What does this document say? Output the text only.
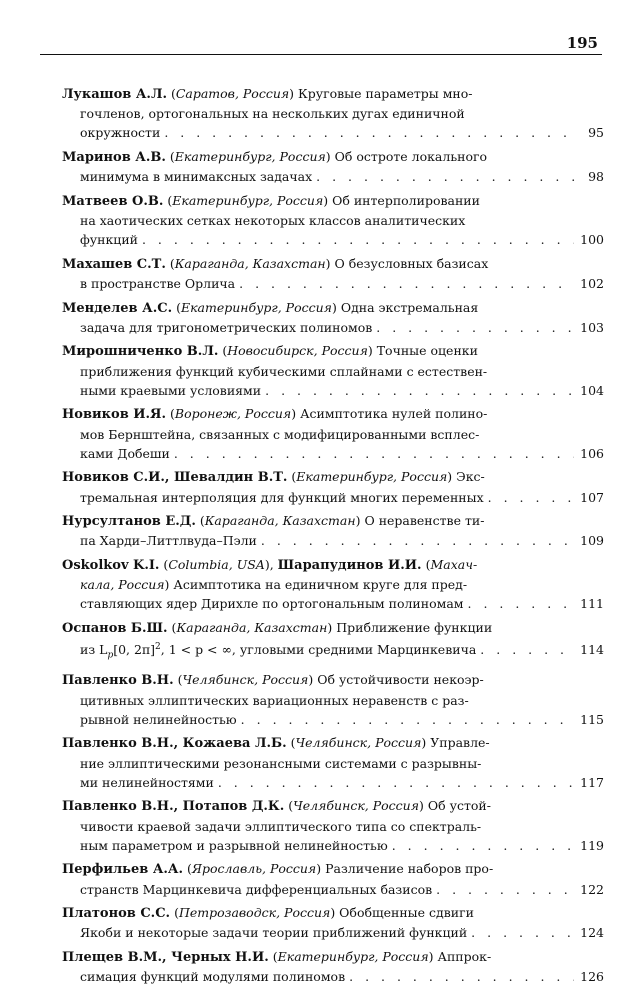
195
Лукашов А.Л. (Саратов, Россия) Круговые параметры мно-
гочленов, ортогональных на нескольких дугах единичной
окружности . . .	95
Маринов А.В. (Екатеринбург, Россия) Об остроте локального
минимума в минимаксных задачах . . .	98
Матвеев О.В. (Екатеринбург, Россия) Об интерполировании
на хаотических сетках некоторых классов аналитических
функций . . .	100
Махашев С.Т. (Караганда, Казахстан) О безусловных базисах
в пространстве Орлича . . .	102
Менделев А.С. (Екатеринбург, Россия) Одна экстремальная
задача для тригонометрических полиномов . . .	103
Мирошниченко В.Л. (Новосибирск, Россия) Точные оценки
приближения функций кубическими сплайнами с естествен-
ными краевыми условиями . . .	104
Новиков И.Я. (Воронеж, Россия) Асимптотика нулей полино-
мов Бернштейна, связанных с модифицированными всплес-
ками Добеши . . .	106
Новиков С.И., Шевалдин В.Т. (Екатеринбург, Россия) Экс-
тремальная интерполяция для функций многих переменных . . .	107
Нурсултанов Е.Д. (Караганда, Казахстан) О неравенстве ти-
па Харди–Литтлвуда–Пэли . . .	109
Oskolkov K.I. (Columbia, USA), Шарапудинов И.И. (Махач-
кала, Россия) Асимптотика на единичном круге для пред-
ставляющих ядер Дирихле по ортогональным полиномам . . .	111
Оспанов Б.Ш. (Караганда, Казахстан) Приближение функции
из $L_p[0$, 2π]$^2$, 1 < p < ∞, угловыми средними Марцинкевича . . .	114
Павленко В.Н. (Челябинск, Россия) Об устойчивости некоэр-
цитивных эллиптических вариационных неравенств с раз-
рывной нелинейностью . . .	115
Павленко В.Н., Кожаева Л.Б. (Челябинск, Россия) Управле-
ние эллиптическими резонансными системами с разрывны-
ми нелинейностями . . .	117
Павленко В.Н., Потапов Д.К. (Челябинск, Россия) Об устой-
чивости краевой задачи эллиптического типа со спектраль-
ным параметром и разрывной нелинейностью . . .	119
Перфильев А.А. (Ярославль, Россия) Различение наборов про-
странств Марцинкевича дифференциальных базисов . . .	122
Платонов С.С. (Петрозаводск, Россия) Обобщенные сдвиги
Якоби и некоторые задачи теории приближений функций . . .	124
Плещев В.М., Черных Н.И. (Екатеринбург, Россия) Аппрок-
симация функций модулями полиномов . . .	126
